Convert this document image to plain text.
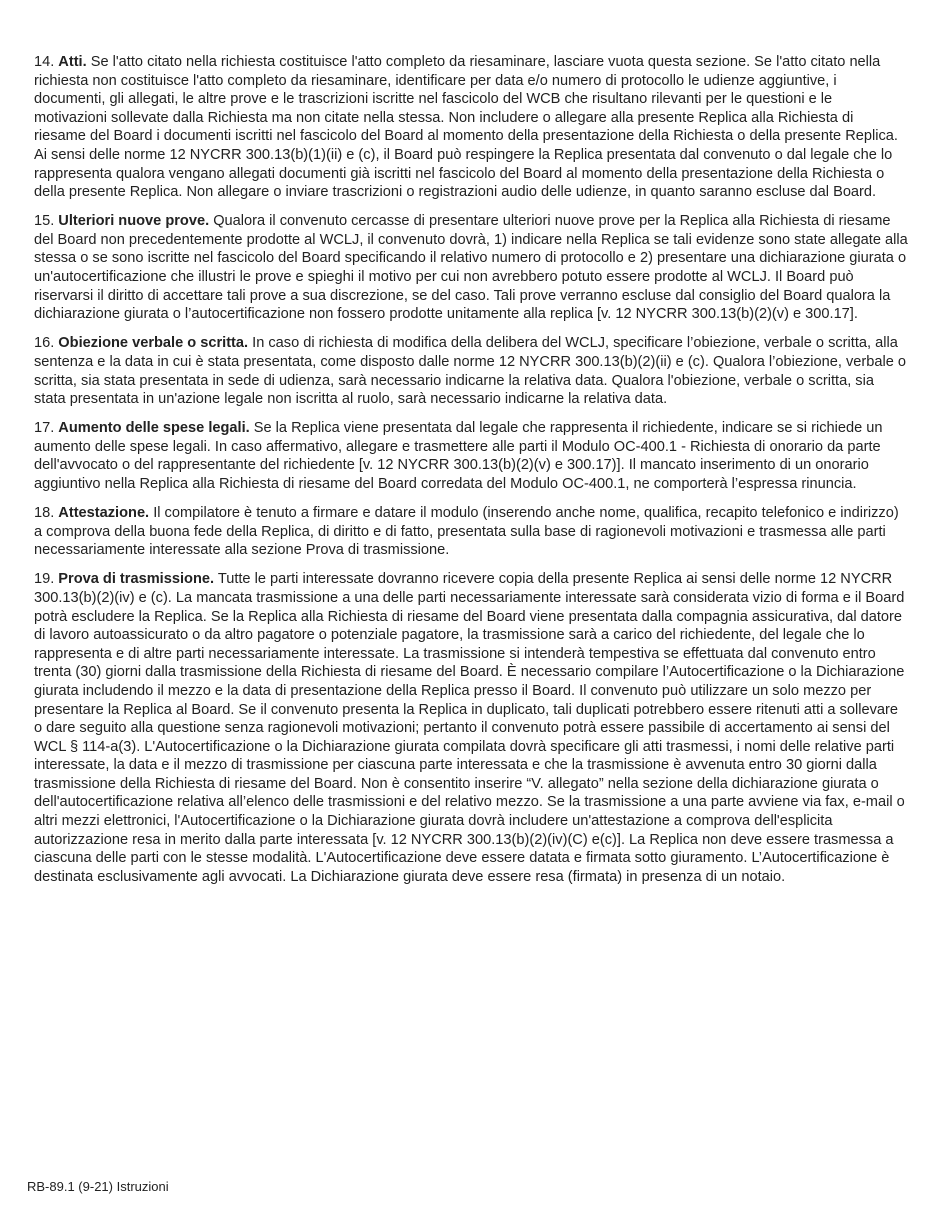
14. Atti. Se l'atto citato nella richiesta costituisce l'atto completo da riesaminare, lasciare vuota questa sezione. Se l'atto citato nella richiesta non costituisce l'atto completo da riesaminare, identificare per data e/o numero di protocollo le udienze aggiuntive, i documenti, gli allegati, le altre prove e le trascrizioni iscritte nel fascicolo del WCB che risultano rilevanti per le questioni e le motivazioni sollevate dalla Richiesta ma non citate nella stessa. Non includere o allegare alla presente Replica alla Richiesta di riesame del Board i documenti iscritti nel fascicolo del Board al momento della presentazione della Richiesta o della presente Replica. Ai sensi delle norme 12 NYCRR 300.13(b)(1)(ii) e (c), il Board può respingere la Replica presentata dal convenuto o dal legale che lo rappresenta qualora vengano allegati documenti già iscritti nel fascicolo del Board al momento della presentazione della Richiesta o della presente Replica. Non allegare o inviare trascrizioni o registrazioni audio delle udienze, in quanto saranno escluse dal Board.

15. Ulteriori nuove prove. Qualora il convenuto cercasse di presentare ulteriori nuove prove per la Replica alla Richiesta di riesame del Board non precedentemente prodotte al WCLJ, il convenuto dovrà, 1) indicare nella Replica se tali evidenze sono state allegate alla stessa o se sono iscritte nel fascicolo del Board specificando il relativo numero di protocollo e 2) presentare una dichiarazione giurata o un'autocertificazione che illustri le prove e spieghi il motivo per cui non avrebbero potuto essere prodotte al WCLJ. Il Board può riservarsi il diritto di accettare tali prove a sua discrezione, se del caso. Tali prove verranno escluse dal consiglio del Board qualora la dichiarazione giurata o l’autocertificazione non fossero prodotte unitamente alla replica [v. 12 NYCRR 300.13(b)(2)(v) e 300.17].

16. Obiezione verbale o scritta. In caso di richiesta di modifica della delibera del WCLJ, specificare l’obiezione, verbale o scritta, alla sentenza e la data in cui è stata presentata, come disposto dalle norme 12 NYCRR 300.13(b)(2)(ii) e (c). Qualora l’obiezione, verbale o scritta, sia stata presentata in sede di udienza, sarà necessario indicarne la relativa data. Qualora l'obiezione, verbale o scritta, sia stata presentata in un'azione legale non iscritta al ruolo, sarà necessario indicarne la relativa data.

17. Aumento delle spese legali. Se la Replica viene presentata dal legale che rappresenta il richiedente, indicare se si richiede un aumento delle spese legali. In caso affermativo, allegare e trasmettere alle parti il Modulo OC-400.1 - Richiesta di onorario da parte dell'avvocato o del rappresentante del richiedente [v. 12 NYCRR 300.13(b)(2)(v) e 300.17)]. Il mancato inserimento di un onorario aggiuntivo nella Replica alla Richiesta di riesame del Board corredata del Modulo OC-400.1, ne comporterà l’espressa rinuncia.

18. Attestazione. Il compilatore è tenuto a firmare e datare il modulo (inserendo anche nome, qualifica, recapito telefonico e indirizzo) a comprova della buona fede della Replica, di diritto e di fatto, presentata sulla base di ragionevoli motivazioni e trasmessa alle parti necessariamente interessate alla sezione Prova di trasmissione.

19. Prova di trasmissione. Tutte le parti interessate dovranno ricevere copia della presente Replica ai sensi delle norme 12 NYCRR 300.13(b)(2)(iv) e (c). La mancata trasmissione a una delle parti necessariamente interessate sarà considerata vizio di forma e il Board potrà escludere la Replica. Se la Replica alla Richiesta di riesame del Board viene presentata dalla compagnia assicurativa, dal datore di lavoro autoassicurato o da altro pagatore o potenziale pagatore, la trasmissione sarà a carico del richiedente, del legale che lo rappresenta e di altre parti necessariamente interessate. La trasmissione si intenderà tempestiva se effettuata dal convenuto entro trenta (30) giorni dalla trasmissione della Richiesta di riesame del Board. È necessario compilare l’Autocertificazione o la Dichiarazione giurata includendo il mezzo e la data di presentazione della Replica presso il Board. Il convenuto può utilizzare un solo mezzo per presentare la Replica al Board. Se il convenuto presenta la Replica in duplicato, tali duplicati potrebbero essere ritenuti atti a sollevare o dare seguito alla questione senza ragionevoli motivazioni; pertanto il convenuto potrà essere passibile di accertamento ai sensi del WCL § 114-a(3). L'Autocertificazione o la Dichiarazione giurata compilata dovrà specificare gli atti trasmessi, i nomi delle relative parti interessate, la data e il mezzo di trasmissione per ciascuna parte interessata e che la trasmissione è avvenuta entro 30 giorni dalla trasmissione della Richiesta di riesame del Board. Non è consentito inserire “V. allegato” nella sezione della dichiarazione giurata o dell'autocertificazione relativa all’elenco delle trasmissioni e del relativo mezzo. Se la trasmissione a una parte avviene via fax, e-mail o altri mezzi elettronici, l'Autocertificazione o la Dichiarazione giurata dovrà includere un'attestazione a comprova dell'esplicita autorizzazione resa in merito dalla parte interessata [v. 12 NYCRR 300.13(b)(2)(iv)(C) e(c)]. La Replica non deve essere trasmessa a ciascuna delle parti con le stesse modalità. L'Autocertificazione deve essere datata e firmata sotto giuramento. L’Autocertificazione è destinata esclusivamente agli avvocati. La Dichiarazione giurata deve essere resa (firmata) in presenza di un notaio.

RB-89.1 (9-21) Istruzioni
